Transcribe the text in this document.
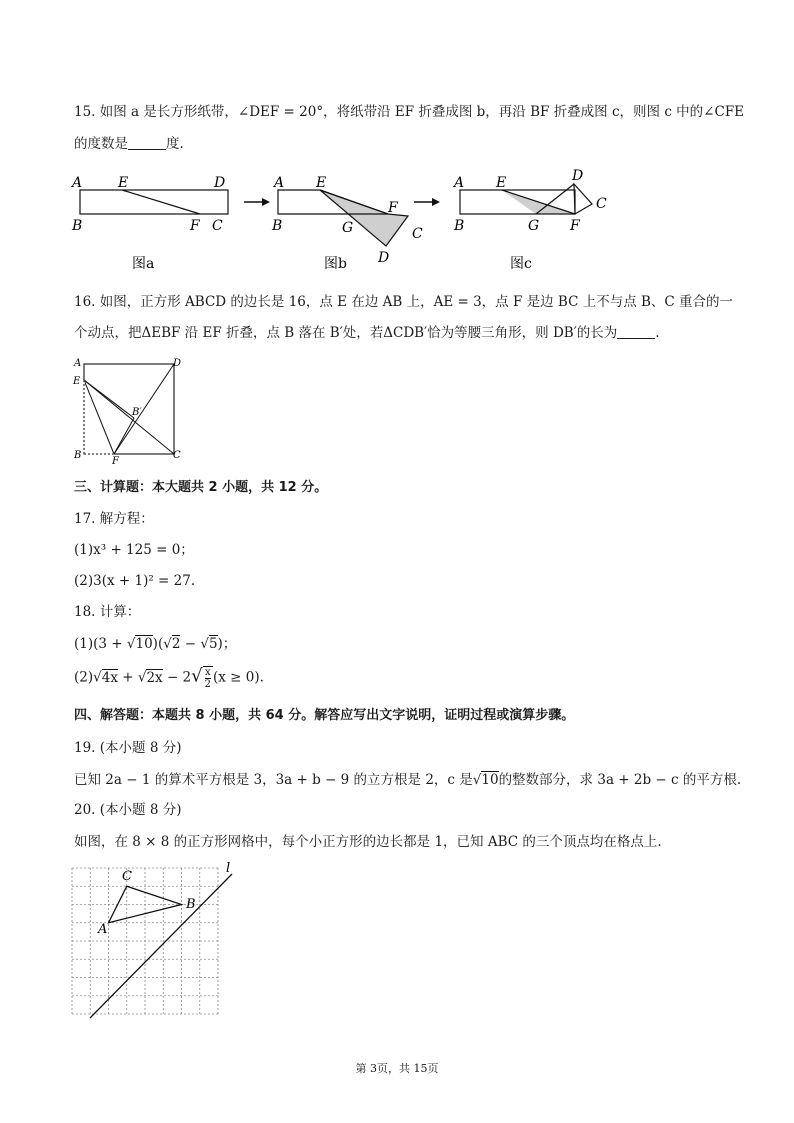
15. 如图 a 是长方形纸带，∠DEF = 20°，将纸带沿 EF 折叠成图 b，再沿 BF 折叠成图 c，则图 c 中的∠CFE
的度数是	度.
A	E	D
B	F C
图a
A E
F
B	G	C
D
图b
A E	D
C
B	G F
图c
16. 如图，正方形 ABCD 的边长是 16，点 E 在边 AB 上，AE = 3，点 F 是边 BC 上不与点 B、C 重合的一
个动点，把ΔEBF 沿 EF 折叠，点 B 落在 B′处，若ΔCDB′恰为等腰三角形，则 DB′的长为	.
A	D
E
B′
B
F
C
三、计算题：本大题共 2 小题，共 12 分。
17. 解方程：
(1)x³ + 125 = 0；
(2)3(x + 1)² = 27.
18. 计算：
(1)(3 + √10)(√2 − √5)；
$(2)√4x + √2x - 2√ \frac{x}{2} (x \ge 0)$.
四、解答题：本题共 8 小题，共 64 分。解答应写出文字说明，证明过程或演算步骤。
19. (本小题 8 分)
已知 2a − 1 的算术平方根是 3，3a + b − 9 的立方根是 2，c 是√10的整数部分，求 3a + 2b − c 的平方根.
20. (本小题 8 分)
如图，在 8 × 8 的正方形网格中，每个小正方形的边长都是 1，已知 ABC 的三个顶点均在格点上.
C
B
A
l
第 3页，共 15页
